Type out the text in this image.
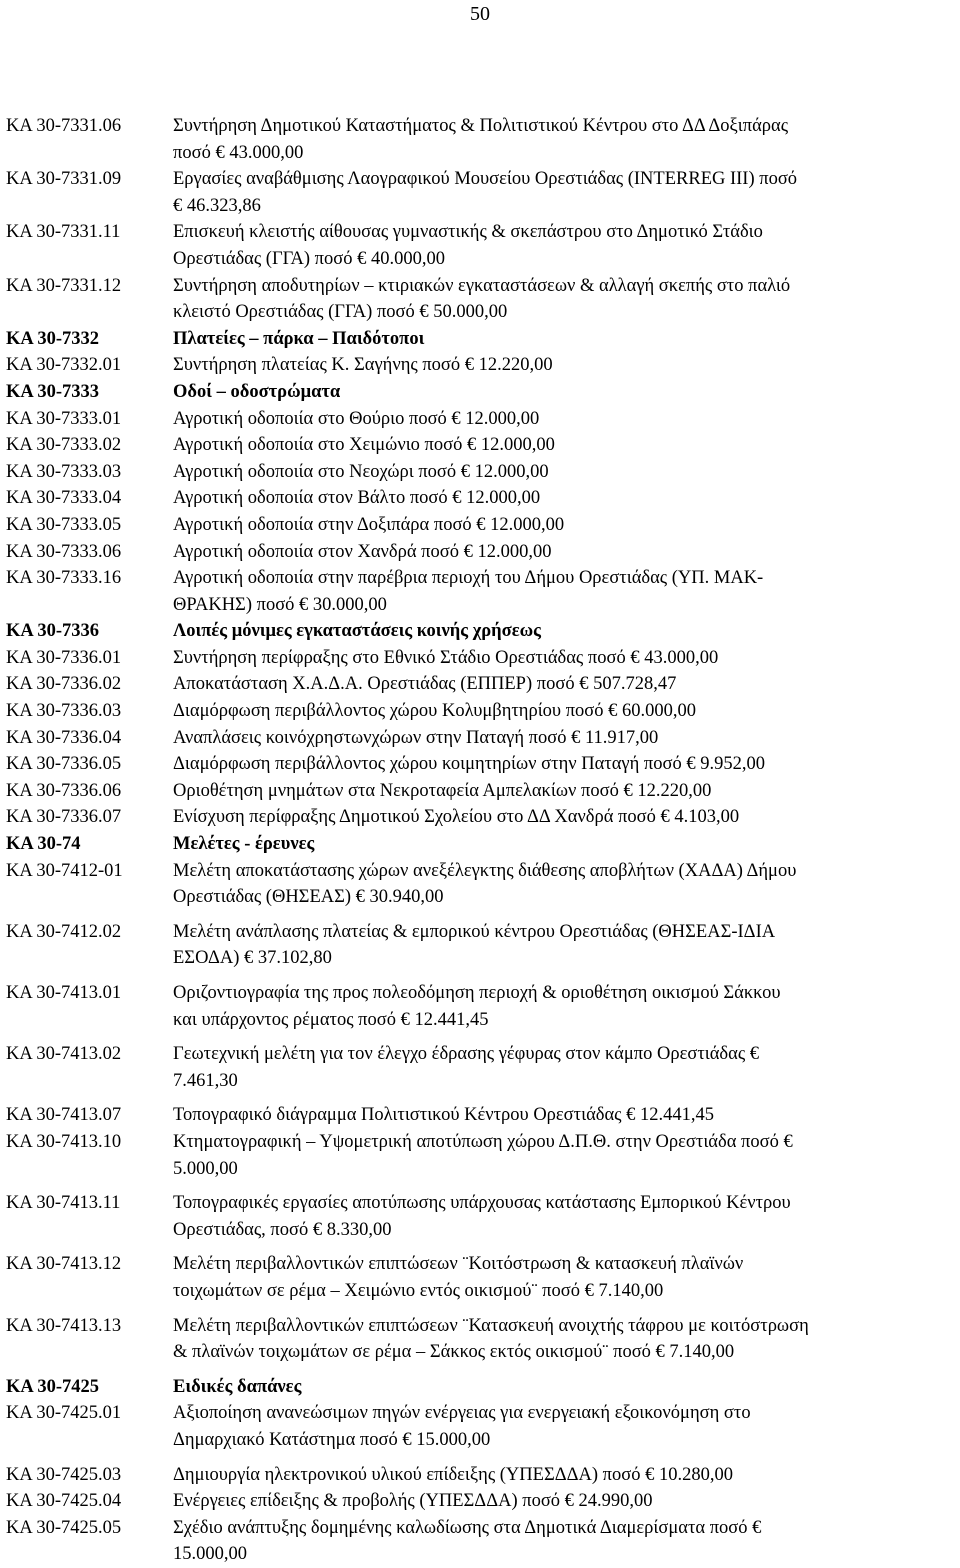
50
ΚΑ 30-7331.06	Συντήρηση Δημοτικού Καταστήματος & Πολιτιστικού Κέντρου στο ΔΔ Δοξιπάρας
ποσό € 43.000,00
ΚΑ 30-7331.09	Εργασίες αναβάθμισης Λαογραφικού Μουσείου Ορεστιάδας (INTERREG III) ποσό
€ 46.323,86
ΚΑ 30-7331.11	Επισκευή κλειστής αίθουσας γυμναστικής & σκεπάστρου στο Δημοτικό Στάδιο
Ορεστιάδας (ΓΓΑ) ποσό € 40.000,00
ΚΑ 30-7331.12	Συντήρηση αποδυτηρίων – κτιριακών εγκαταστάσεων & αλλαγή σκεπής στο παλιό
κλειστό Ορεστιάδας (ΓΓΑ) ποσό € 50.000,00
ΚΑ 30-7332	Πλατείες – πάρκα – Παιδότοποι
ΚΑ 30-7332.01	Συντήρηση πλατείας Κ. Σαγήνης ποσό € 12.220,00
ΚΑ 30-7333	Οδοί – οδοστρώματα
ΚΑ 30-7333.01	Αγροτική οδοποιία στο Θούριο ποσό € 12.000,00
ΚΑ 30-7333.02	Αγροτική οδοποιία στο Χειμώνιο ποσό € 12.000,00
ΚΑ 30-7333.03	Αγροτική οδοποιία στο Νεοχώρι ποσό € 12.000,00
ΚΑ 30-7333.04	Αγροτική οδοποιία στον Βάλτο ποσό € 12.000,00
ΚΑ 30-7333.05	Αγροτική οδοποιία στην Δοξιπάρα ποσό € 12.000,00
ΚΑ 30-7333.06	Αγροτική οδοποιία στον Χανδρά ποσό € 12.000,00
ΚΑ 30-7333.16	Αγροτική οδοποιία στην παρέβρια περιοχή του Δήμου Ορεστιάδας (ΥΠ. ΜΑΚ-
ΘΡΑΚΗΣ) ποσό € 30.000,00
ΚΑ 30-7336	Λοιπές μόνιμες εγκαταστάσεις κοινής χρήσεως
ΚΑ 30-7336.01	Συντήρηση περίφραξης στο Εθνικό Στάδιο Ορεστιάδας ποσό € 43.000,00
ΚΑ 30-7336.02	Αποκατάσταση Χ.Α.Δ.Α. Ορεστιάδας (ΕΠΠΕΡ) ποσό € 507.728,47
ΚΑ 30-7336.03	Διαμόρφωση περιβάλλοντος χώρου Κολυμβητηρίου ποσό € 60.000,00
ΚΑ 30-7336.04	Αναπλάσεις κοινόχρηστωνχώρων στην Παταγή ποσό € 11.917,00
ΚΑ 30-7336.05	Διαμόρφωση περιβάλλοντος χώρου κοιμητηρίων στην Παταγή ποσό € 9.952,00
ΚΑ 30-7336.06	Οριοθέτηση μνημάτων στα Νεκροταφεία Αμπελακίων ποσό € 12.220,00
ΚΑ 30-7336.07	Ενίσχυση περίφραξης Δημοτικού Σχολείου στο ΔΔ Χανδρά ποσό € 4.103,00
ΚΑ 30-74	Μελέτες - έρευνες
ΚΑ 30-7412-01	Μελέτη αποκατάστασης χώρων ανεξέλεγκτης διάθεσης αποβλήτων (ΧΑΔΑ) Δήμου
Ορεστιάδας (ΘΗΣΕΑΣ) € 30.940,00
ΚΑ 30-7412.02	Μελέτη ανάπλασης πλατείας & εμπορικού κέντρου Ορεστιάδας (ΘΗΣΕΑΣ-ΙΔΙΑ
ΕΣΟΔΑ) € 37.102,80
ΚΑ 30-7413.01	Οριζοντιογραφία της προς πολεοδόμηση περιοχή & οριοθέτηση οικισμού Σάκκου
και υπάρχοντος ρέματος ποσό € 12.441,45
ΚΑ 30-7413.02	Γεωτεχνική μελέτη για τον έλεγχο έδρασης γέφυρας στον κάμπο Ορεστιάδας €
7.461,30
ΚΑ 30-7413.07	Τοπογραφικό διάγραμμα Πολιτιστικού Κέντρου Ορεστιάδας € 12.441,45
ΚΑ 30-7413.10	Κτηματογραφική – Υψομετρική αποτύπωση χώρου Δ.Π.Θ. στην Ορεστιάδα ποσό €
5.000,00
ΚΑ 30-7413.11	Τοπογραφικές εργασίες αποτύπωσης υπάρχουσας κατάστασης Εμπορικού Κέντρου
Ορεστιάδας, ποσό € 8.330,00
ΚΑ 30-7413.12	Μελέτη περιβαλλοντικών επιπτώσεων ¨Κοιτόστρωση & κατασκευή πλαϊνών
τοιχωμάτων σε ρέμα – Χειμώνιο εντός οικισμού¨ ποσό € 7.140,00
ΚΑ 30-7413.13	Μελέτη περιβαλλοντικών επιπτώσεων ¨Κατασκευή ανοιχτής τάφρου με κοιτόστρωση
& πλαϊνών τοιχωμάτων σε ρέμα – Σάκκος εκτός οικισμού¨ ποσό € 7.140,00
ΚΑ 30-7425	Ειδικές δαπάνες
ΚΑ 30-7425.01	Αξιοποίηση ανανεώσιμων πηγών ενέργειας για ενεργειακή εξοικονόμηση στο
Δημαρχιακό Κατάστημα ποσό € 15.000,00
ΚΑ 30-7425.03	Δημιουργία ηλεκτρονικού υλικού επίδειξης (ΥΠΕΣΔΔΑ) ποσό € 10.280,00
ΚΑ 30-7425.04	Ενέργειες επίδειξης & προβολής (ΥΠΕΣΔΔΑ) ποσό € 24.990,00
ΚΑ 30-7425.05	Σχέδιο ανάπτυξης δομημένης καλωδίωσης στα Δημοτικά Διαμερίσματα ποσό €
15.000,00
